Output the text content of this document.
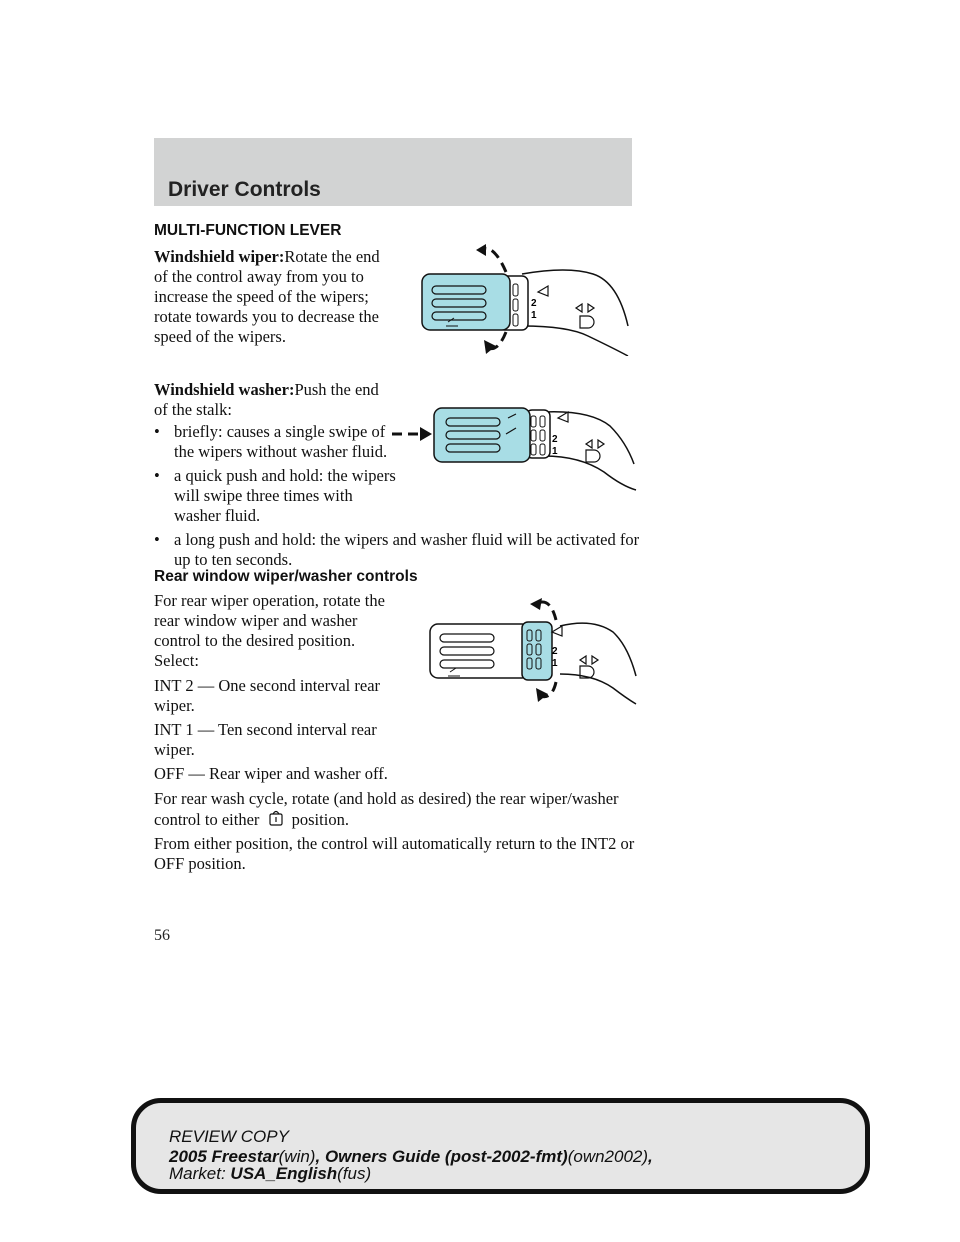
Driver Controls
MULTI-FUNCTION LEVER
Windshield wiper:Rotate the end
of the control away from you to
increase the speed of the wipers;
rotate towards you to decrease the
speed of the wipers.
2
1
Windshield washer:Push the end
of the stalk:
• briefly: causes a single swipe of
the wipers without washer fluid.
• a quick push and hold: the wipers
will swipe three times with
washer fluid.
• a long push and hold: the wipers and washer fluid will be activated for
up to ten seconds.
2
1
Rear window wiper/washer controls
For rear wiper operation, rotate the
rear window wiper and washer
control to the desired position.
Select:
INT 2 — One second interval rear
wiper.
INT 1 — Ten second interval rear
wiper.
OFF — Rear wiper and washer off.
For rear wash cycle, rotate (and hold as desired) the rear wiper/washer
control to either position.
From either position, the control will automatically return to the INT2 or
OFF position.
2
1
56
REVIEW COPY
2005 Freestar(win), Owners Guide (post-2002-fmt)(own2002),
Market: USA_English(fus)
